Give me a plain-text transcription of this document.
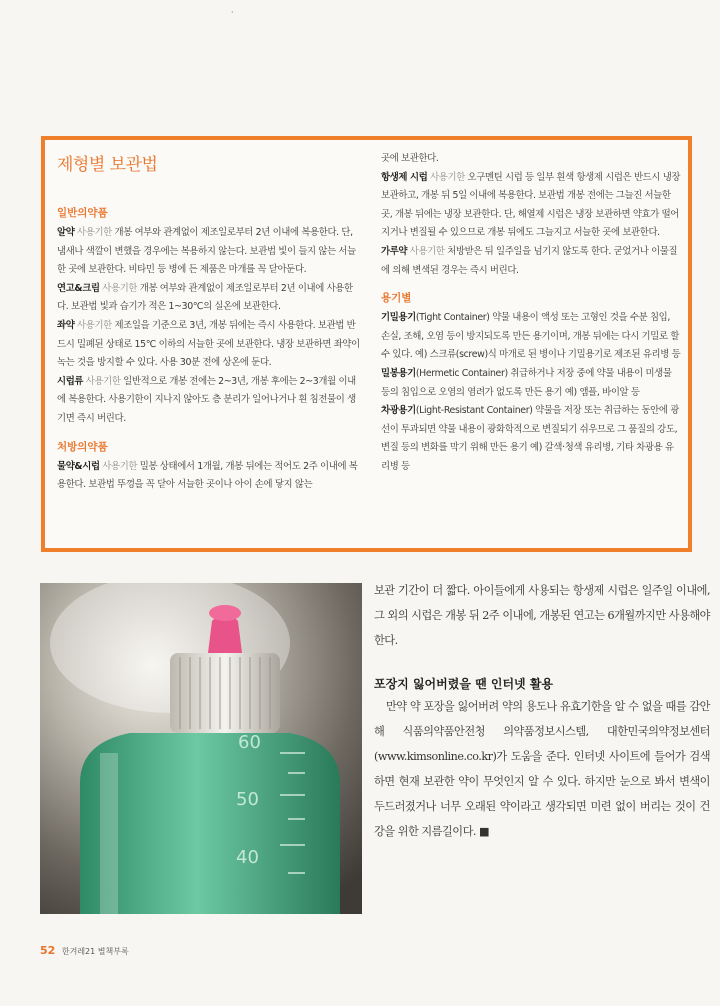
‘
제형별 보관법
일반의약품

알약 사용기한 개봉 여부와 관계없이 제조일로부터 2년 이내에 복용한다. 단, 냄새나 색깔이 변했을 경우에는 복용하지 않는다. 보관법 빛이 들지 않는 서늘한 곳에 보관한다. 비타민 등 병에 든 제품은 마개를 꼭 닫아둔다.

연고&크림 사용기한 개봉 여부와 관계없이 제조일로부터 2년 이내에 사용한다. 보관법 빛과 습기가 적은 1~30℃의 실온에 보관한다.

좌약 사용기한 제조일을 기준으로 3년, 개봉 뒤에는 즉시 사용한다. 보관법 반드시 밀폐된 상태로 15℃ 이하의 서늘한 곳에 보관한다. 냉장 보관하면 좌약이 녹는 것을 방지할 수 있다. 사용 30분 전에 상온에 둔다.

시럽류 사용기한 일반적으로 개봉 전에는 2~3년, 개봉 후에는 2~3개월 이내에 복용한다. 사용기한이 지나지 않아도 층 분리가 일어나거나 흰 침전물이 생기면 즉시 버린다.

처방의약품

물약&시럽 사용기한 밀봉 상태에서 1개월, 개봉 뒤에는 적어도 2주 이내에 복용한다. 보관법 뚜껑을 꼭 닫아 서늘한 곳이나 아이 손에 닿지 않는

곳에 보관한다.

항생제 시럽 사용기한 오구멘틴 시럽 등 일부 흰색 항생제 시럽은 반드시 냉장 보관하고, 개봉 뒤 5일 이내에 복용한다. 보관법 개봉 전에는 그늘진 서늘한 곳, 개봉 뒤에는 냉장 보관한다. 단, 해열제 시럽은 냉장 보관하면 약효가 떨어지거나 변질될 수 있으므로 개봉 뒤에도 그늘지고 서늘한 곳에 보관한다.

가루약 사용기한 처방받은 뒤 일주일을 넘기지 않도록 한다. 굳었거나 이물질에 의해 변색된 경우는 즉시 버린다.

용기별

기밀용기(Tight Container) 약물 내용이 액성 또는 고형인 것을 수분 침입, 손실, 조해, 오염 등이 방지되도록 만든 용기이며, 개봉 뒤에는 다시 기밀로 할 수 있다. 예) 스크류(screw)식 마개로 된 병이나 기밀용기로 제조된 유리병 등

밀봉용기(Hermetic Container) 취급하거나 저장 중에 약물 내용이 미생물 등의 침입으로 오염의 염려가 없도록 만든 용기 예) 앰플, 바이알 등

차광용기(Light-Resistant Container) 약물을 저장 또는 취급하는 동안에 광선이 투과되면 약물 내용이 광화학적으로 변질되기 쉬우므로 그 품질의 강도, 변질 등의 변화를 막기 위해 만든 용기 예) 갈색·청색 유리병, 기타 차광용 유리병 등

60
50
40

보관 기간이 더 짧다. 아이들에게 사용되는 항생제 시럽은 일주일 이내에, 그 외의 시럽은 개봉 뒤 2주 이내에, 개봉된 연고는 6개월까지만 사용해야 한다.

포장지 잃어버렸을 땐 인터넷 활용

만약 약 포장을 잃어버려 약의 용도나 유효기한을 알 수 없을 때를 감안해 식품의약품안전청 의약품정보시스템, 대한민국의약정보센터(www.kimsonline.co.kr)가 도움을 준다. 인터넷 사이트에 들어가 검색하면 현재 보관한 약이 무엇인지 알 수 있다. 하지만 눈으로 봐서 변색이 두드러졌거나 너무 오래된 약이라고 생각되면 미련 없이 버리는 것이 건강을 위한 지름길이다. ■

52 한겨레21 별책부록
